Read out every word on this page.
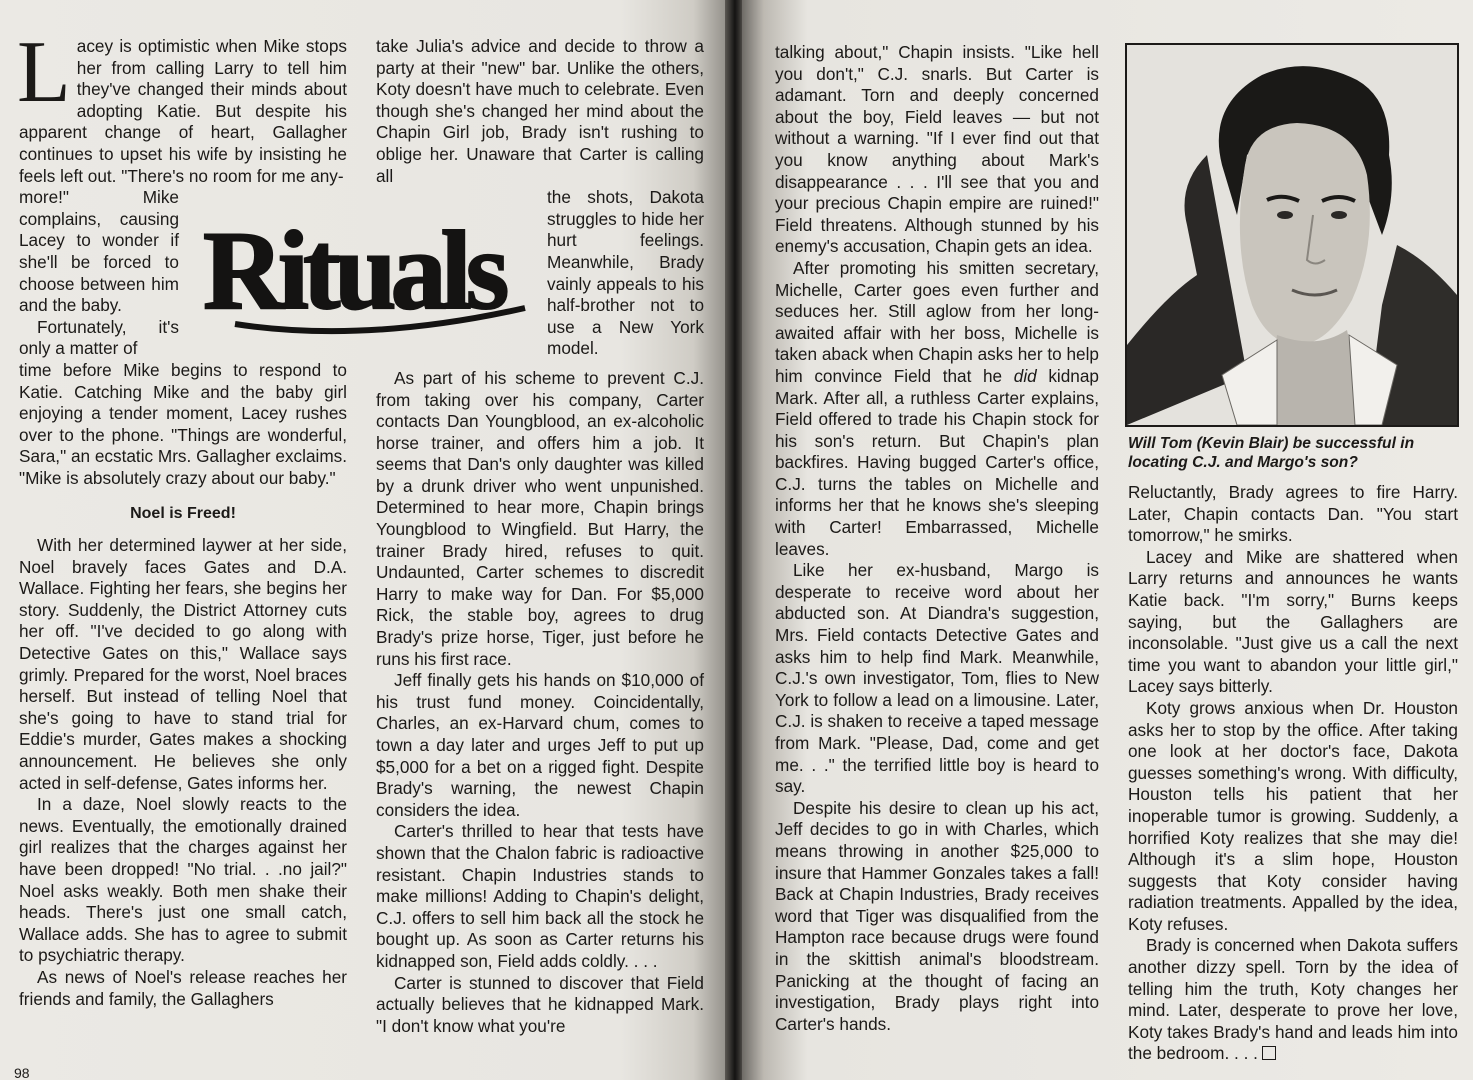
Lacey is optimistic when Mike stops her from calling Larry to tell him they've changed their minds about adopting Katie. But despite his apparent change of heart, Gallagher continues to upset his wife by insisting he feels left out. "There's no room for me any-

more!" Mike complains, causing Lacey to wonder if she'll be forced to choose between him and the baby.

Fortunately, it's only a matter of

time before Mike begins to respond to Katie. Catching Mike and the baby girl enjoying a tender moment, Lacey rushes over to the phone. "Things are wonderful, Sara," an ecstatic Mrs. Gallagher exclaims. "Mike is absolutely crazy about our baby."

Noel is Freed!

With her determined laywer at her side, Noel bravely faces Gates and D.A. Wallace. Fighting her fears, she begins her story. Suddenly, the District Attorney cuts her off. "I've decided to go along with Detective Gates on this," Wallace says grimly. Prepared for the worst, Noel braces herself. But instead of telling Noel that she's going to have to stand trial for Eddie's murder, Gates makes a shocking announcement. He believes she only acted in self-defense, Gates informs her.

In a daze, Noel slowly reacts to the news. Eventually, the emotionally drained girl realizes that the charges against her have been dropped! "No trial. . .no jail?" Noel asks weakly. Both men shake their heads. There's just one small catch, Wallace adds. She has to agree to submit to psychiatric therapy.

As news of Noel's release reaches her friends and family, the Gallaghers

Rituals

take Julia's advice and decide to throw a party at their "new" bar. Unlike the others, Koty doesn't have much to celebrate. Even though she's changed her mind about the Chapin Girl job, Brady isn't rushing to oblige her. Unaware that Carter is calling all

the shots, Dakota struggles to hide her hurt feelings. Meanwhile, Brady vainly appeals to his half-brother not to use a New York model.

As part of his scheme to prevent C.J. from taking over his company, Carter contacts Dan Youngblood, an ex-alcoholic horse trainer, and offers him a job. It seems that Dan's only daughter was killed by a drunk driver who went unpunished. Determined to hear more, Chapin brings Youngblood to Wingfield. But Harry, the trainer Brady hired, refuses to quit. Undaunted, Carter schemes to discredit Harry to make way for Dan. For $5,000 Rick, the stable boy, agrees to drug Brady's prize horse, Tiger, just before he runs his first race.

Jeff finally gets his hands on $10,000 of his trust fund money. Coincidentally, Charles, an ex-Harvard chum, comes to town a day later and urges Jeff to put up $5,000 for a bet on a rigged fight. Despite Brady's warning, the newest Chapin considers the idea.

Carter's thrilled to hear that tests have shown that the Chalon fabric is radioactive resistant. Chapin Industries stands to make millions! Adding to Chapin's delight, C.J. offers to sell him back all the stock he bought up. As soon as Carter returns his kidnapped son, Field adds coldly. . . .

Carter is stunned to discover that Field actually believes that he kidnapped Mark. "I don't know what you're

98

talking about," Chapin insists. "Like hell you don't," C.J. snarls. But Carter is adamant. Torn and deeply concerned about the boy, Field leaves — but not without a warning. "If I ever find out that you know anything about Mark's disappearance . . . I'll see that you and your precious Chapin empire are ruined!" Field threatens. Although stunned by his enemy's accusation, Chapin gets an idea.

After promoting his smitten secretary, Michelle, Carter goes even further and seduces her. Still aglow from her long-awaited affair with her boss, Michelle is taken aback when Chapin asks her to help him convince Field that he did kidnap Mark. After all, a ruthless Carter explains, Field offered to trade his Chapin stock for his son's return. But Chapin's plan backfires. Having bugged Carter's office, C.J. turns the tables on Michelle and informs her that he knows she's sleeping with Carter! Embarrassed, Michelle leaves.

Like her ex-husband, Margo is desperate to receive word about her abducted son. At Diandra's suggestion, Mrs. Field contacts Detective Gates and asks him to help find Mark. Meanwhile, C.J.'s own investigator, Tom, flies to New York to follow a lead on a limousine. Later, C.J. is shaken to receive a taped message from Mark. "Please, Dad, come and get me. . ." the terrified little boy is heard to say.

Despite his desire to clean up his act, Jeff decides to go in with Charles, which means throwing in another $25,000 to insure that Hammer Gonzales takes a fall! Back at Chapin Industries, Brady receives word that Tiger was disqualified from the Hampton race because drugs were found in the skittish animal's bloodstream. Panicking at the thought of facing an investigation, Brady plays right into Carter's hands.

Will Tom (Kevin Blair) be successful in locating C.J. and Margo's son?

Reluctantly, Brady agrees to fire Harry. Later, Chapin contacts Dan. "You start tomorrow," he smirks.

Lacey and Mike are shattered when Larry returns and announces he wants Katie back. "I'm sorry," Burns keeps saying, but the Gallaghers are inconsolable. "Just give us a call the next time you want to abandon your little girl," Lacey says bitterly.

Koty grows anxious when Dr. Houston asks her to stop by the office. After taking one look at her doctor's face, Dakota guesses something's wrong. With difficulty, Houston tells his patient that her inoperable tumor is growing. Suddenly, a horrified Koty realizes that she may die! Although it's a slim hope, Houston suggests that Koty consider having radiation treatments. Appalled by the idea, Koty refuses.

Brady is concerned when Dakota suffers another dizzy spell. Torn by the idea of telling him the truth, Koty changes her mind. Later, desperate to prove her love, Koty takes Brady's hand and leads him into the bedroom. . . .
